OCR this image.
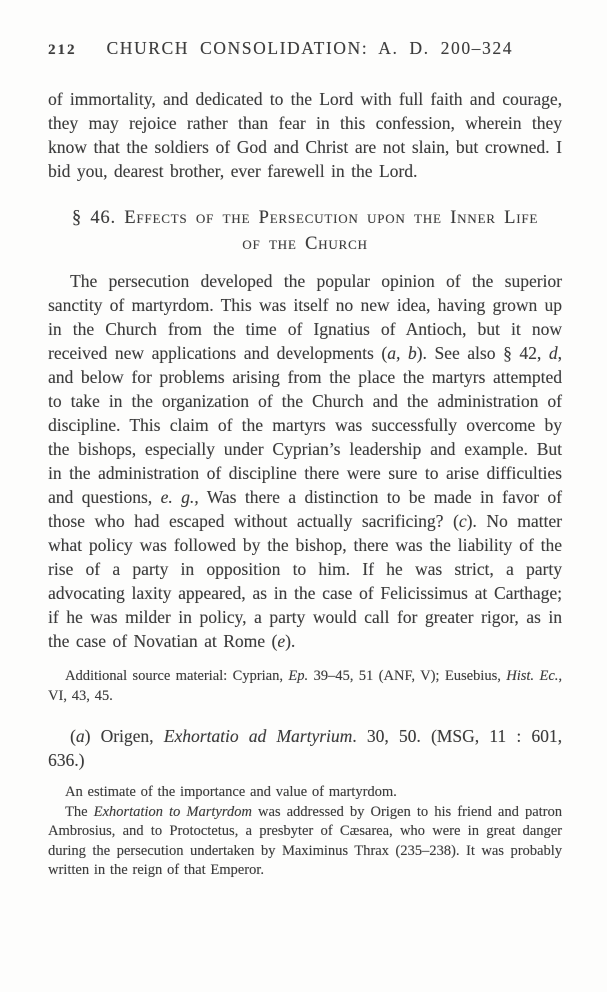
212 CHURCH CONSOLIDATION: A. D. 200–324

of immortality, and dedicated to the Lord with full faith and courage, they may rejoice rather than fear in this confession, wherein they know that the soldiers of God and Christ are not slain, but crowned. I bid you, dearest brother, ever farewell in the Lord.

§ 46. Effects of the Persecution upon the Inner Life
of the Church

The persecution developed the popular opinion of the superior sanctity of martyrdom. This was itself no new idea, having grown up in the Church from the time of Ignatius of Antioch, but it now received new applications and developments (a, b). See also § 42, d, and below for problems arising from the place the martyrs attempted to take in the organization of the Church and the administration of discipline. This claim of the martyrs was successfully overcome by the bishops, especially under Cyprian’s leadership and example. But in the administration of discipline there were sure to arise difficulties and questions, e. g., Was there a distinction to be made in favor of those who had escaped without actually sacrificing? (c). No matter what policy was followed by the bishop, there was the liability of the rise of a party in opposition to him. If he was strict, a party advocating laxity appeared, as in the case of Felicissimus at Carthage; if he was milder in policy, a party would call for greater rigor, as in the case of Novatian at Rome (e).

Additional source material: Cyprian, Ep. 39–45, 51 (ANF, V); Eusebius, Hist. Ec., VI, 43, 45.

(a) Origen, Exhortatio ad Martyrium. 30, 50. (MSG, 11 : 601, 636.)

An estimate of the importance and value of martyrdom.

The Exhortation to Martyrdom was addressed by Origen to his friend and patron Ambrosius, and to Protoctetus, a presbyter of Cæsarea, who were in great danger during the persecution undertaken by Maximinus Thrax (235–238). It was probably written in the reign of that Emperor.
